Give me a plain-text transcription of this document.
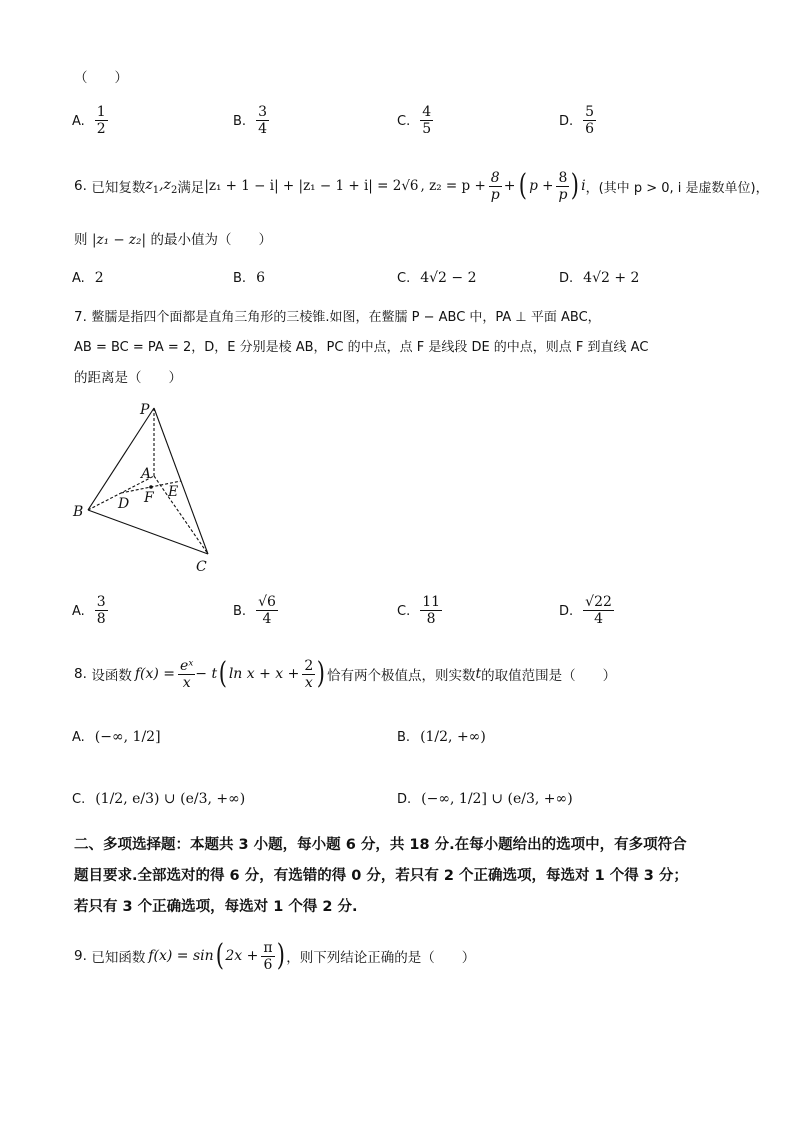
（　　）
A. $\frac{1}{2}$	B. $\frac{3}{4}$	C. $\frac{4}{5}$	D. $\frac{5}{6}$
6.
已知复数 $z_1,z_2$ 满足 |z₁ + 1 − i| + |z₁ − 1 + i| = 2√6 , $z_2 = p + \frac{8}{p}$ + ( $p + \frac{8}{p}$ ) i ，(其中 p > 0, i 是虚数单位)，
则 |z₁ − z₂| 的最小值为（　　）
A. 2	B. 6	C. 4√2 − 2	D. 4√2 + 2
7. 鳖臑是指四个面都是直角三角形的三棱锥.如图，在鳖臑 P − ABC 中，PA ⊥ 平面 ABC，
AB = BC = PA = 2，D，E 分别是棱 AB，PC 的中点，点 F 是线段 DE 的中点，则点 F 到直线 AC
的距离是（　　）
P
A
B
C
D
E
F
A. $\frac{3}{8}$	B. $\frac{√6}{4}$	C. $\frac{11}{8}$	D. $\frac{√22}{4}$
8.
设函数 $f(x) = \frac{\text{eˣ}}{x} - t$ ( $\ln x + x + \frac{2}{x}$ ) 恰有两个极值点，则实数 t 的取值范围是（　　）
A. (−∞, 1/2]	B. (1/2, +∞)
C. (1/2, e/3) ∪ (e/3, +∞)	D. (−∞, 1/2] ∪ (e/3, +∞)
二、多项选择题：本题共 3 小题，每小题 6 分，共 18 分.在每小题给出的选项中，有多项符合
题目要求.全部选对的得 6 分，有选错的得 0 分，若只有 2 个正确选项，每选对 1 个得 3 分；
若只有 3 个正确选项，每选对 1 个得 2 分.
9.
已知函数 f(x) = sin ( $2x + \frac{\pi}{6}$ ) ，则下列结论正确的是（　　）
